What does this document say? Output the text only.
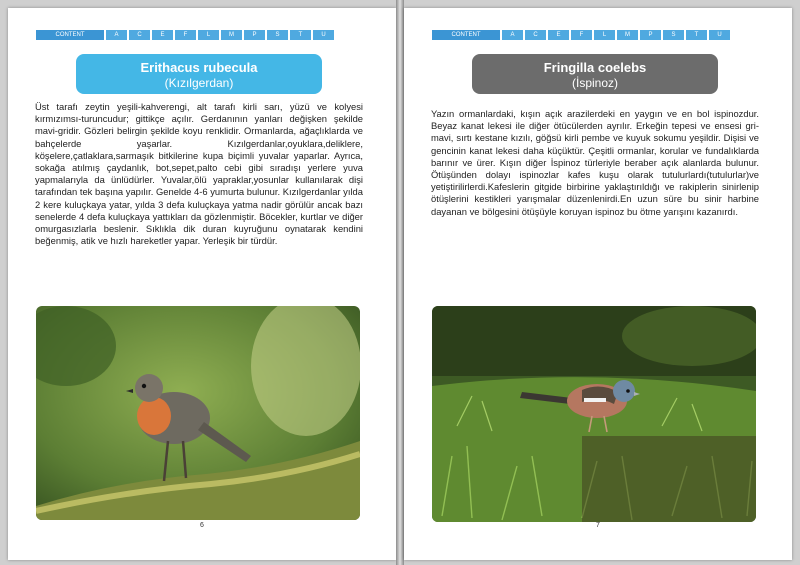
CONTENT	A	C	E	F	L	M	P	S	T	U
Erithacus rubecula
(Kızılgerdan)
Üst tarafı zeytin yeşili-kahverengi, alt tarafı kirli sarı, yüzü ve kolyesi kırmızımsı-turuncudur; gittikçe açılır. Gerdanının yanları değişken şekilde mavi-gridir. Gözleri belirgin şekilde koyu renklidir. Ormanlarda, ağaçlıklarda ve bahçelerde yaşarlar. Kızılgerdanlar,oyuklara,deliklere, köşelere,çatlaklara,sarmaşık bitkilerine kupa biçimli yuvalar yaparlar. Ayrıca, sokağa atılmış çaydanlık, bot,sepet,palto cebi gibi sıradışı yerlere yuva yapmalarıyla da ünlüdürler. Yuvalar,ölü yapraklar,yosunlar kullanılarak dişi tarafından tek başına yapılır. Genelde 4-6 yumurta bulunur. Kızılgerdanlar yılda 2 kere kuluçkaya yatar, yılda 3 defa kuluçkaya yatma nadir görülür ancak bazı senelerde 4 defa kuluçkaya yattıkları da gözlenmiştir. Böcekler, kurtlar ve diğer omurgasızlarla beslenir. Sıklıkla dik duran kuyruğunu oynatarak kendini beğenmiş, atik ve hızlı hareketler yapar. Yerleşik bir türdür.
6
CONTENT	A	C	E	F	L	M	P	S	T	U
Fringilla coelebs
(İspinoz)
Yazın ormanlardaki, kışın açık arazilerdeki en yaygın ve en bol ispinozdur. Beyaz kanat lekesi ile diğer ötücülerden ayrılır. Erkeğin tepesi ve ensesi gri-mavi, sırtı kestane kızılı, göğsü kirli pembe ve kuyuk sokumu yeşildir. Dişisi ve gencinin kanat lekesi daha küçüktür. Çeşitli ormanlar, korular ve fundalıklarda barınır ve ürer. Kışın diğer İspinoz türleriyle beraber açık alanlarda bulunur. Ötüşünden dolayı ispinozlar kafes kuşu olarak tutulurlardı(tutulurlar)ve yetiştirilirlerdi.Kafeslerin gitgide birbirine yaklaştırıldığı ve rakiplerin sinirlenip ötüşlerini kestikleri yarışmalar düzenlenirdi.En uzun süre bu sinir harbine dayanan ve bölgesini ötüşüyle koruyan ispinoz bu ötme yarışını kazanırdı.
7
